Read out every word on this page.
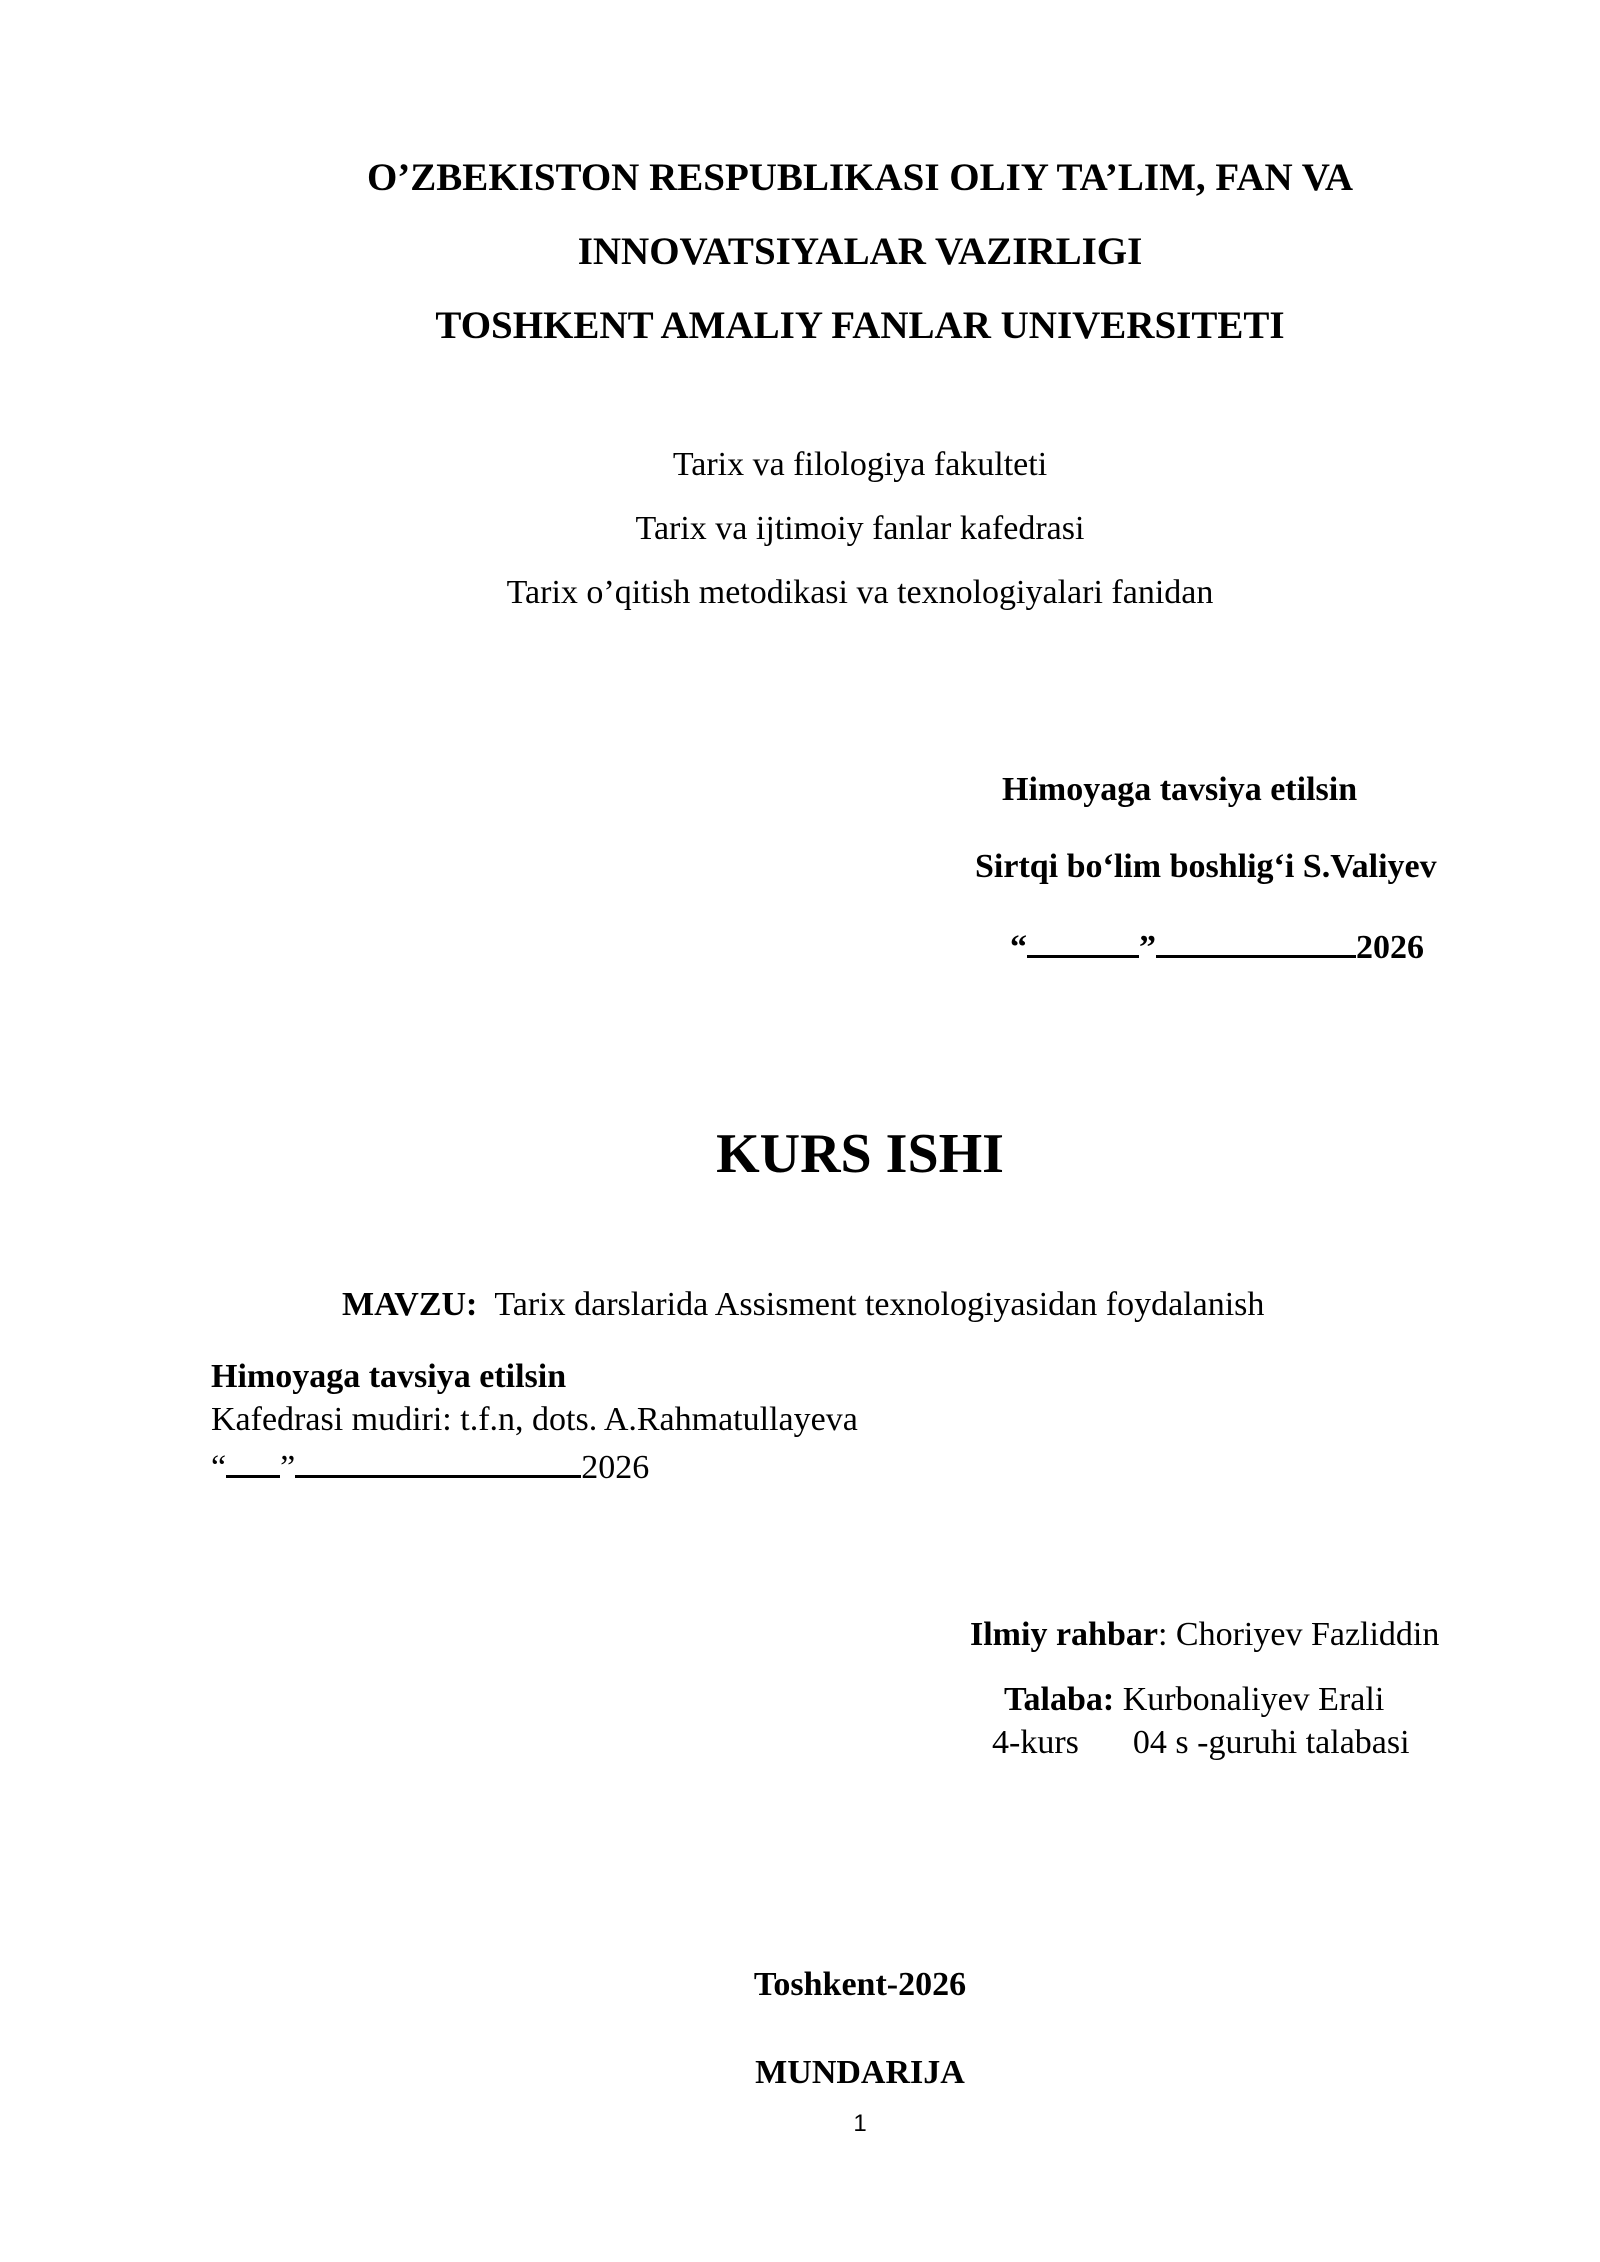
O’ZBEKISTON RESPUBLIKASI OLIY TA’LIM, FAN VA
INNOVATSIYALAR VAZIRLIGI
TOSHKENT AMALIY FANLAR UNIVERSITETI
Tarix va filologiya fakulteti
Tarix va ijtimoiy fanlar kafedrasi
Tarix o’qitish metodikasi va texnologiyalari fanidan
Himoyaga tavsiya etilsin
Sirtqi bo‘lim boshlig‘i S.Valiyev
“	”	2026
KURS ISHI
MAVZU: Tarix darslarida Assisment texnologiyasidan foydalanish
Himoyaga tavsiya etilsin
Kafedrasi mudiri: t.f.n, dots. A.Rahmatullayeva
“ ”	2026
Ilmiy rahbar: Choriyev Fazliddin
Talaba: Kurbonaliyev Erali
4-kurs 04 s -guruhi talabasi
Toshkent-2026
MUNDARIJA
1
